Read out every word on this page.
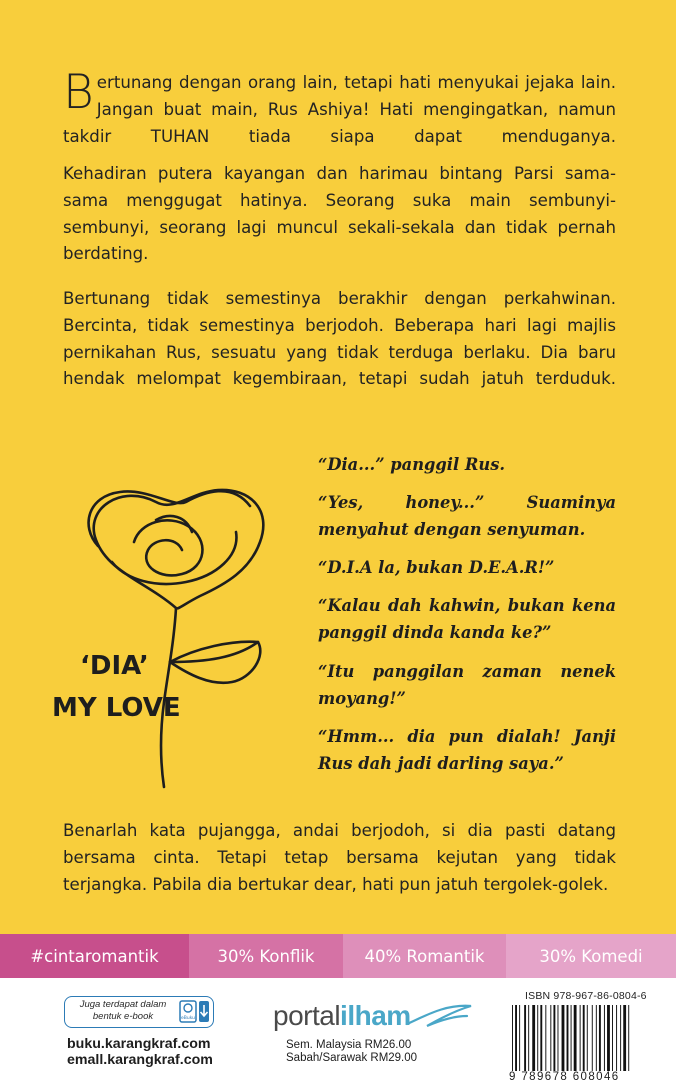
Bertunang dengan orang lain, tetapi hati menyukai jejaka lain. Jangan buat main, Rus Ashiya! Hati mengingatkan, namun takdir TUHAN tiada siapa dapat menduganya.

Kehadiran putera kayangan dan harimau bintang Parsi sama-sama menggugat hatinya. Seorang suka main sembunyi-sembunyi, seorang lagi muncul sekali-sekala dan tidak pernah berdating.

Bertunang tidak semestinya berakhir dengan perkahwinan. Bercinta, tidak semestinya berjodoh. Beberapa hari lagi majlis pernikahan Rus, sesuatu yang tidak terduga berlaku. Dia baru hendak melompat kegembiraan, tetapi sudah jatuh terduduk.

‘DIA’
MY LOVE

“Dia...” panggil Rus.

“Yes, honey...” Suaminya menyahut dengan senyuman.

“D.I.A la, bukan D.E.A.R!”

“Kalau dah kahwin, bukan kena panggil dinda kanda ke?”

“Itu panggilan zaman nenek moyang!”

“Hmm... dia pun dialah! Janji Rus dah jadi darling saya.”

Benarlah kata pujangga, andai berjodoh, si dia pasti datang bersama cinta. Tetapi tetap bersama kejutan yang tidak terjangka. Pabila dia bertukar dear, hati pun jatuh tergolek-golek.

#cintaromantik	30% Konflik	40% Romantik	30% Komedi
Juga terdapat dalam
bentuk e-book	eBuku
buku.karangkraf.com
emall.karangkraf.com
portalilham
Sem. Malaysia RM26.00
Sabah/Sarawak RM29.00
ISBN 978-967-86-0804-6
9 789678 608046
